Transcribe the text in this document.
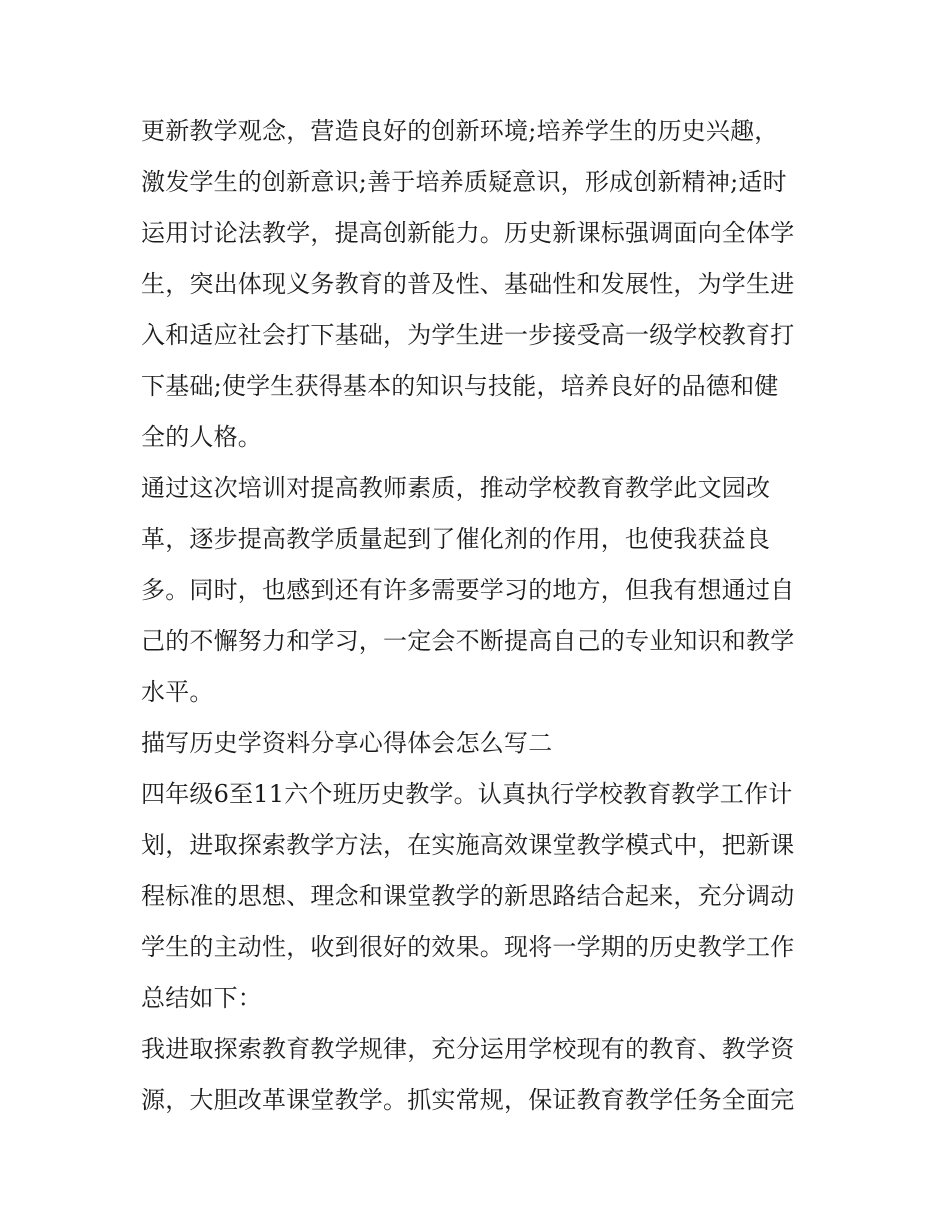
更新教学观念，营造良好的创新环境;培养学生的历史兴趣，
激发学生的创新意识;善于培养质疑意识，形成创新精神;适时
运用讨论法教学，提高创新能力。历史新课标强调面向全体学
生，突出体现义务教育的普及性、基础性和发展性，为学生进
入和适应社会打下基础，为学生进一步接受高一级学校教育打
下基础;使学生获得基本的知识与技能，培养良好的品德和健
全的人格。
通过这次培训对提高教师素质，推动学校教育教学此文园改
革，逐步提高教学质量起到了催化剂的作用，也使我获益良
多。同时，也感到还有许多需要学习的地方，但我有想通过自
己的不懈努力和学习，一定会不断提高自己的专业知识和教学
水平。
描写历史学资料分享心得体会怎么写二
四年级6至11六个班历史教学。认真执行学校教育教学工作计
划，进取探索教学方法，在实施高效课堂教学模式中，把新课
程标准的思想、理念和课堂教学的新思路结合起来，充分调动
学生的主动性，收到很好的效果。现将一学期的历史教学工作
总结如下：
我进取探索教育教学规律，充分运用学校现有的教育、教学资
源，大胆改革课堂教学。抓实常规，保证教育教学任务全面完
